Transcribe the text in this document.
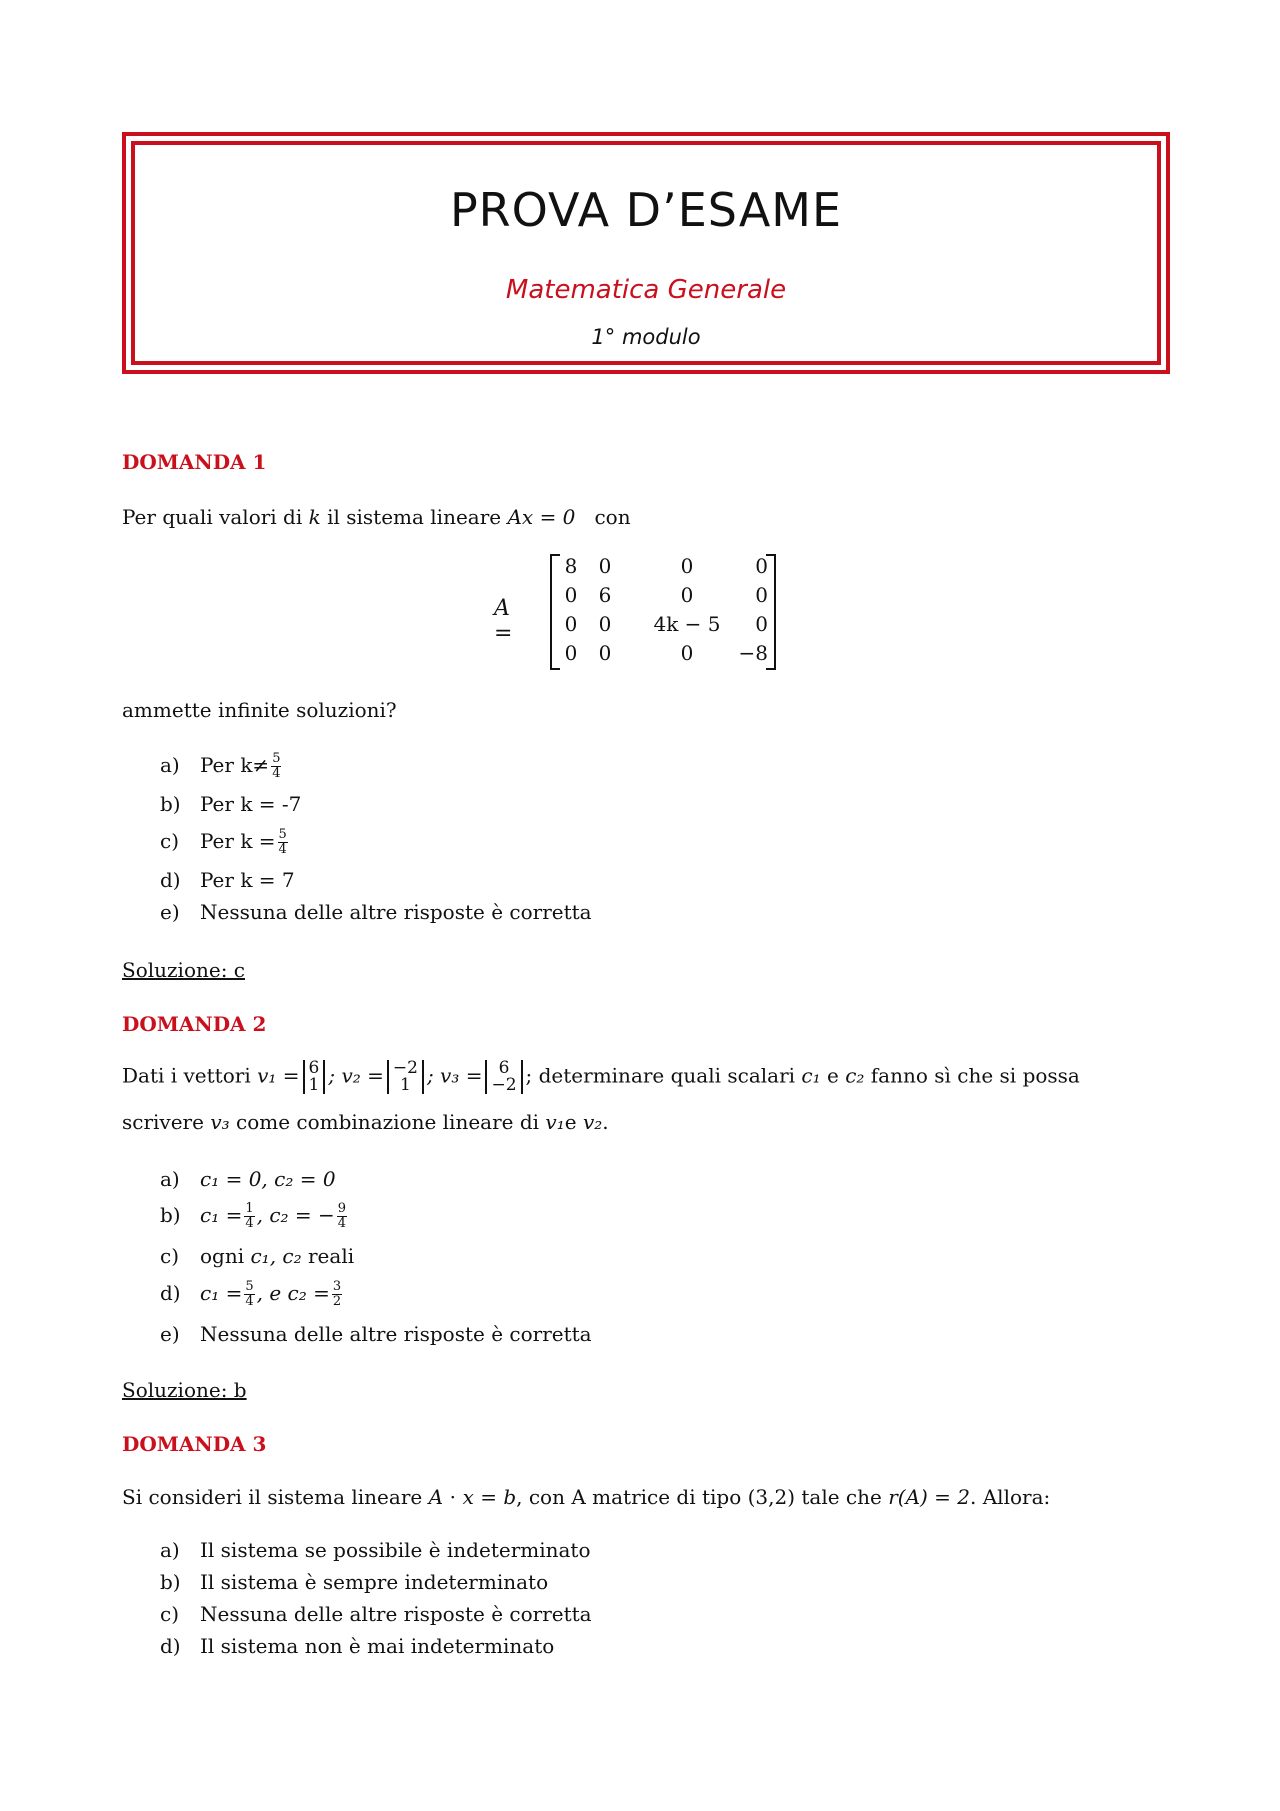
PROVA D’ESAME
Matematica Generale
1° modulo
DOMANDA 1
Per quali valori di k il sistema lineare Ax = 0 con
A =
8	0	0	0
0	6	0	0
0	0	4k − 5	0
0	0	0	−8
ammette infinite soluzioni?
a) Per $k\ne \frac{5}{4}$
b) Per k = -7
c) Per $k = \frac{5}{4}$
d) Per k = 7
e) Nessuna delle altre risposte è corretta
Soluzione: c
DOMANDA 2
Dati i vettori v₁ = 6
1 ; v₂ = −2
1 ; v₃ = 6
−2 ; determinare quali scalari c₁ e c₂ fanno sì che si possa
scrivere v₃ come combinazione lineare di v₁e v₂.
a) c₁ = 0, c₂ = 0
b) $c_1 = \frac{1}{4}$ , c₂ = − $\frac{9}{4}$
c) ogni c₁, c₂ reali
d) $c_1 = \frac{5}{4}$ , e $c_2 = \frac{3}{2}$
e) Nessuna delle altre risposte è corretta
Soluzione: b
DOMANDA 3
Si consideri il sistema lineare A ⋅ x = b, con A matrice di tipo (3,2) tale che r(A) = 2. Allora:
a) Il sistema se possibile è indeterminato
b) Il sistema è sempre indeterminato
c) Nessuna delle altre risposte è corretta
d) Il sistema non è mai indeterminato
